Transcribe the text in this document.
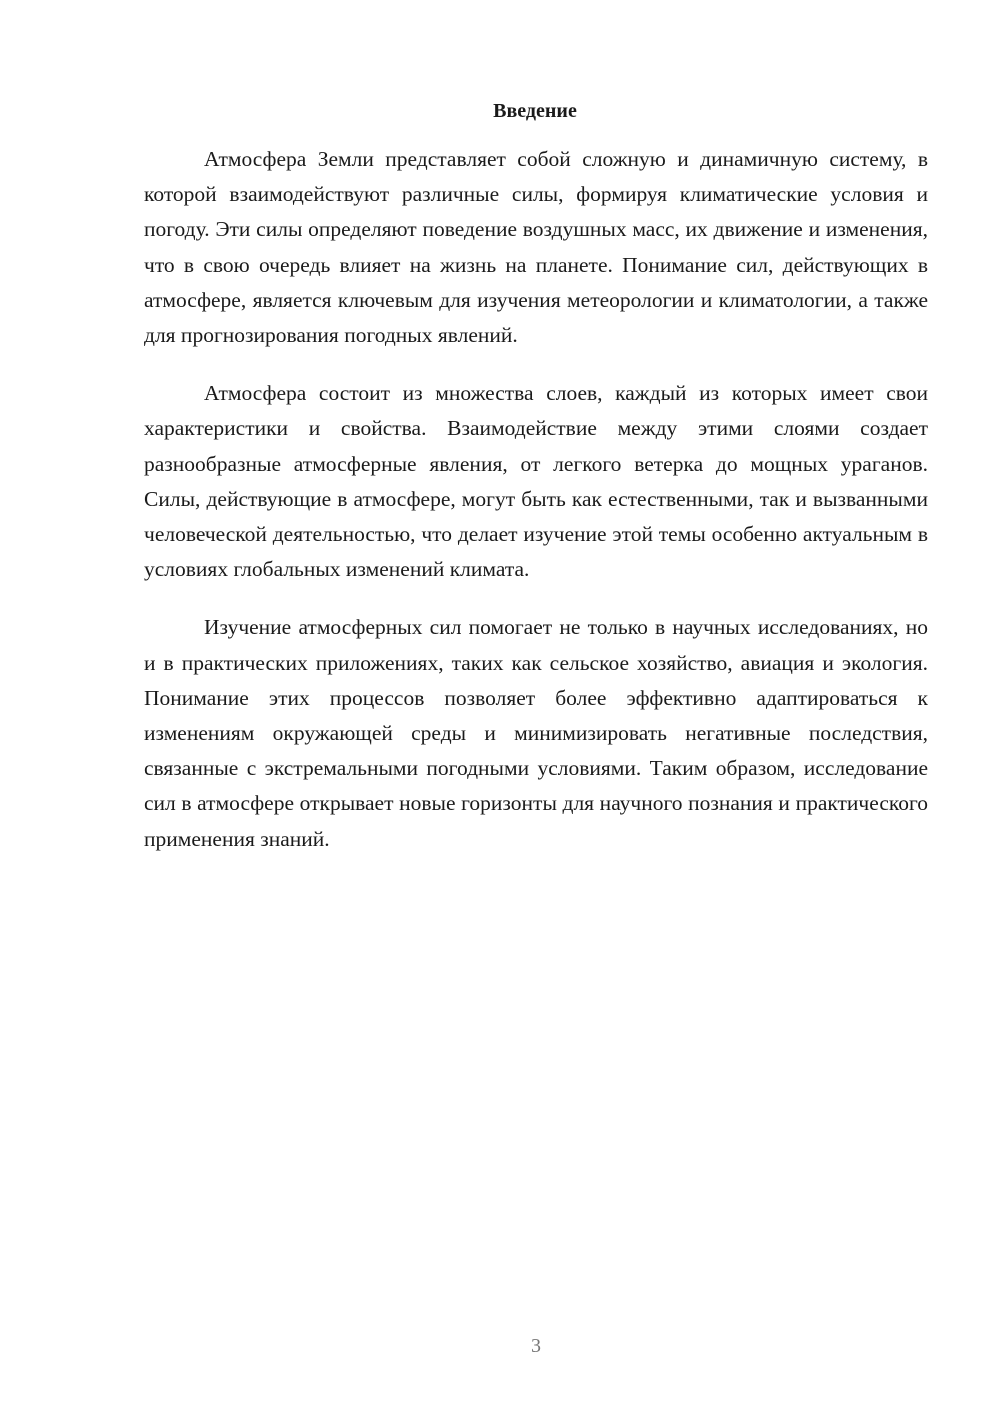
Введение

Атмосфера Земли представляет собой сложную и динамичную систему, в которой взаимодействуют различные силы, формируя климатические условия и погоду. Эти силы определяют поведение воздушных масс, их движение и изменения, что в свою очередь влияет на жизнь на планете. Понимание сил, действующих в атмосфере, является ключевым для изучения метеорологии и климатологии, а также для прогнозирования погодных явлений.

Атмосфера состоит из множества слоев, каждый из которых имеет свои характеристики и свойства. Взаимодействие между этими слоями создает разнообразные атмосферные явления, от легкого ветерка до мощных ураганов. Силы, действующие в атмосфере, могут быть как естественными, так и вызванными человеческой деятельностью, что делает изучение этой темы особенно актуальным в условиях глобальных изменений климата.

Изучение атмосферных сил помогает не только в научных исследованиях, но и в практических приложениях, таких как сельское хозяйство, авиация и экология. Понимание этих процессов позволяет более эффективно адаптироваться к изменениям окружающей среды и минимизировать негативные последствия, связанные с экстремальными погодными условиями. Таким образом, исследование сил в атмосфере открывает новые горизонты для научного познания и практического применения знаний.

3
